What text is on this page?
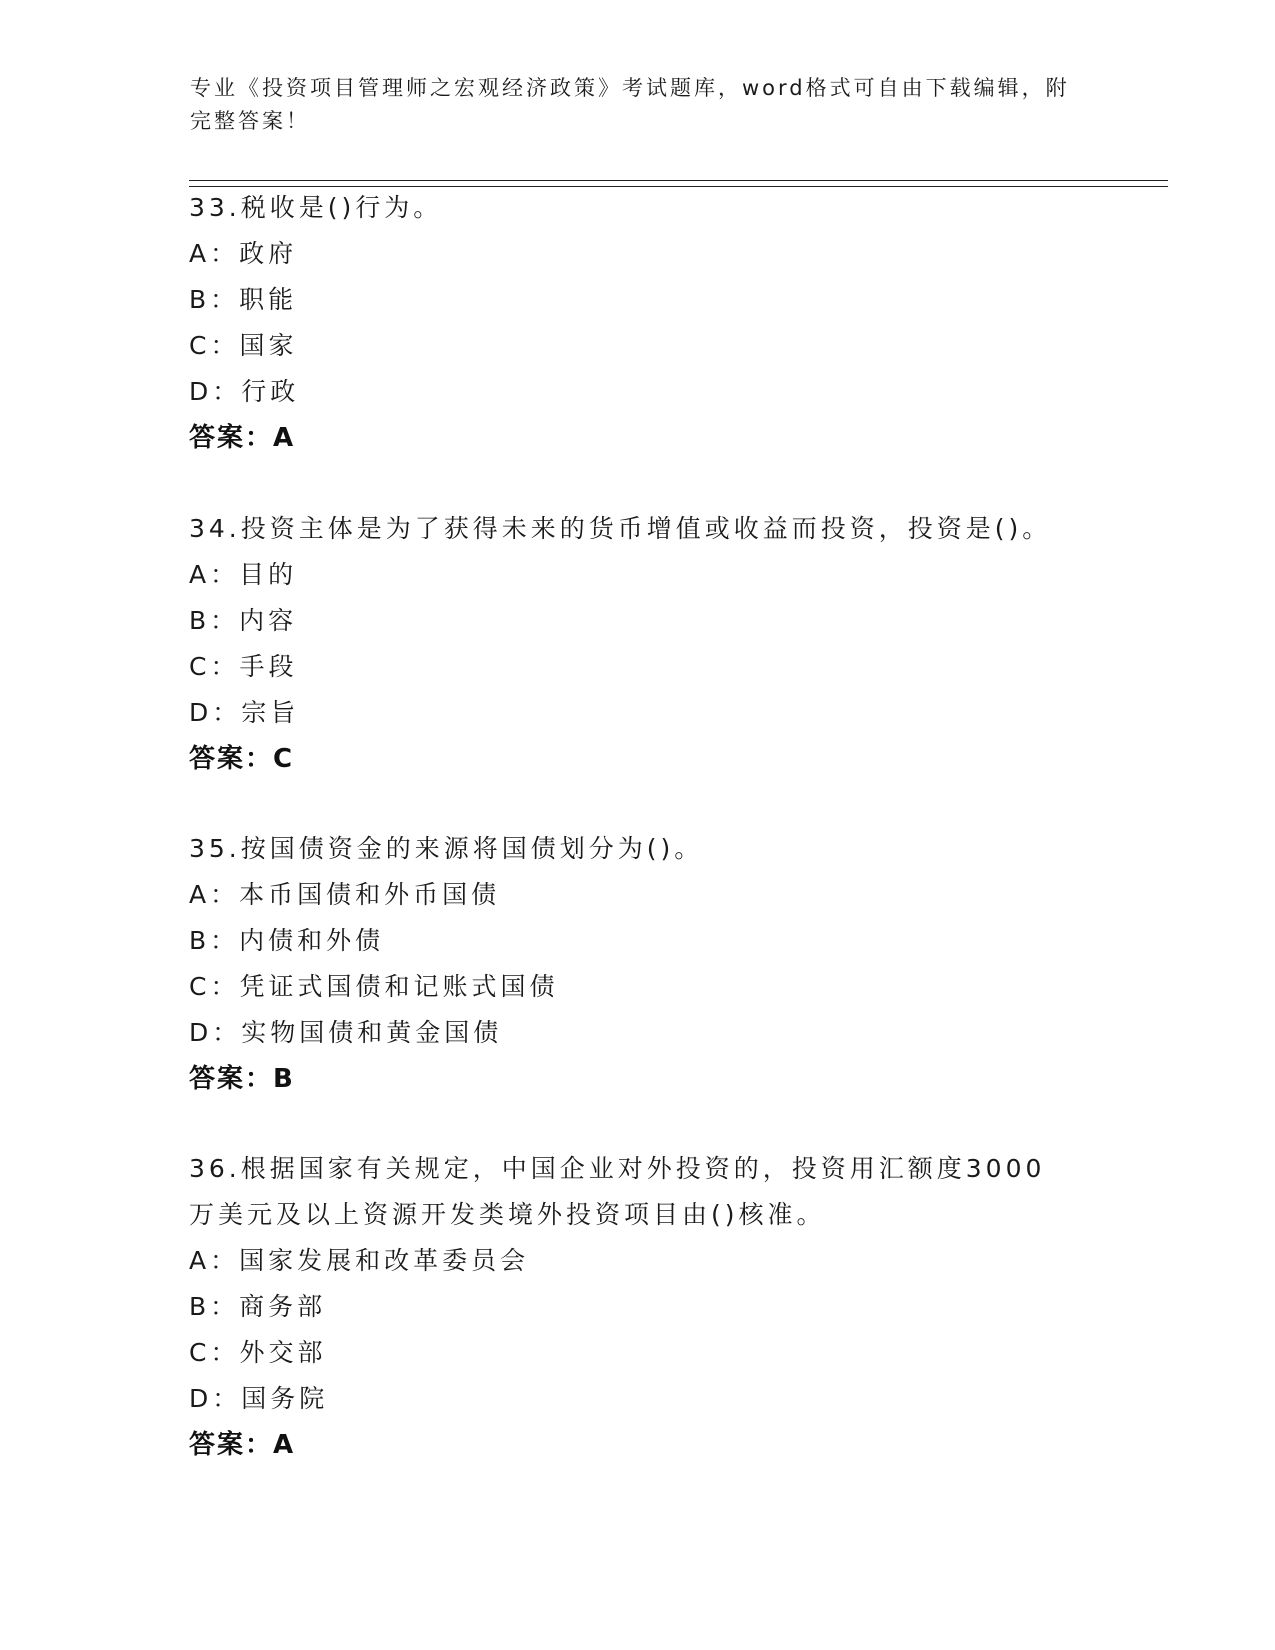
专业《投资项目管理师之宏观经济政策》考试题库，word格式可自由下载编辑，附完整答案！
33.税收是()行为。
A：政府
B：职能
C：国家
D：行政
答案：A
34.投资主体是为了获得未来的货币增值或收益而投资，投资是()。
A：目的
B：内容
C：手段
D：宗旨
答案：C
35.按国债资金的来源将国债划分为()。
A：本币国债和外币国债
B：内债和外债
C：凭证式国债和记账式国债
D：实物国债和黄金国债
答案：B
36.根据国家有关规定，中国企业对外投资的，投资用汇额度3000万美元及以上资源开发类境外投资项目由()核准。
A：国家发展和改革委员会
B：商务部
C：外交部
D：国务院
答案：A
